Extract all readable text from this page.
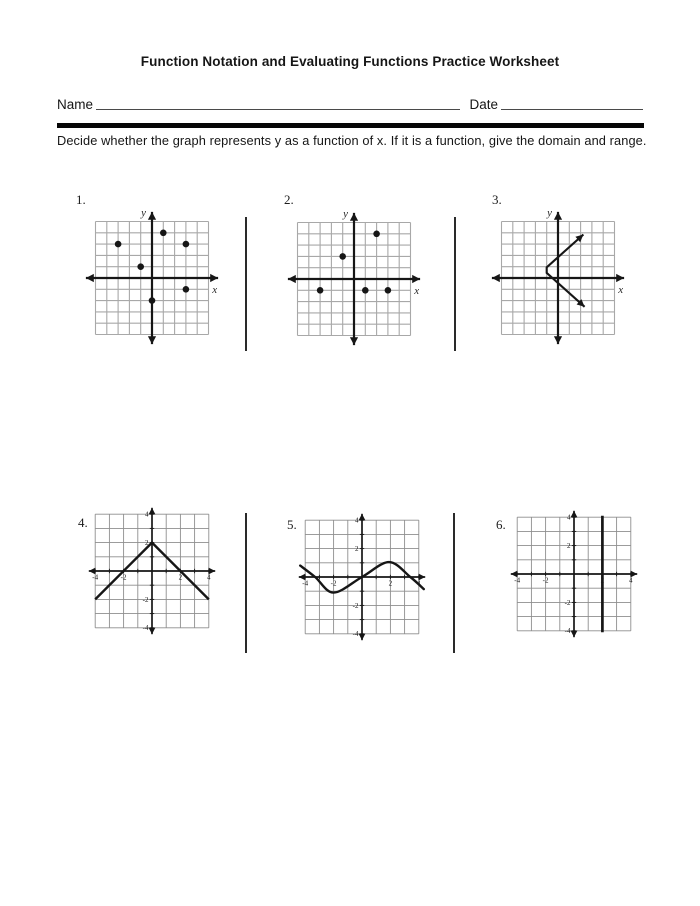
Function Notation and Evaluating Functions Practice Worksheet
Name	Date

Decide whether the graph represents y as a function of x. If it is a function, give the domain and range.

1.
y
x
2.
y
x
3.
y
x
4.
-4	-2	2	4
4
2
-2
-4
5.
-4	-2	2	4
4
2
-2
-4
6.
-4	-2	2	4
4
2
-2
-4
